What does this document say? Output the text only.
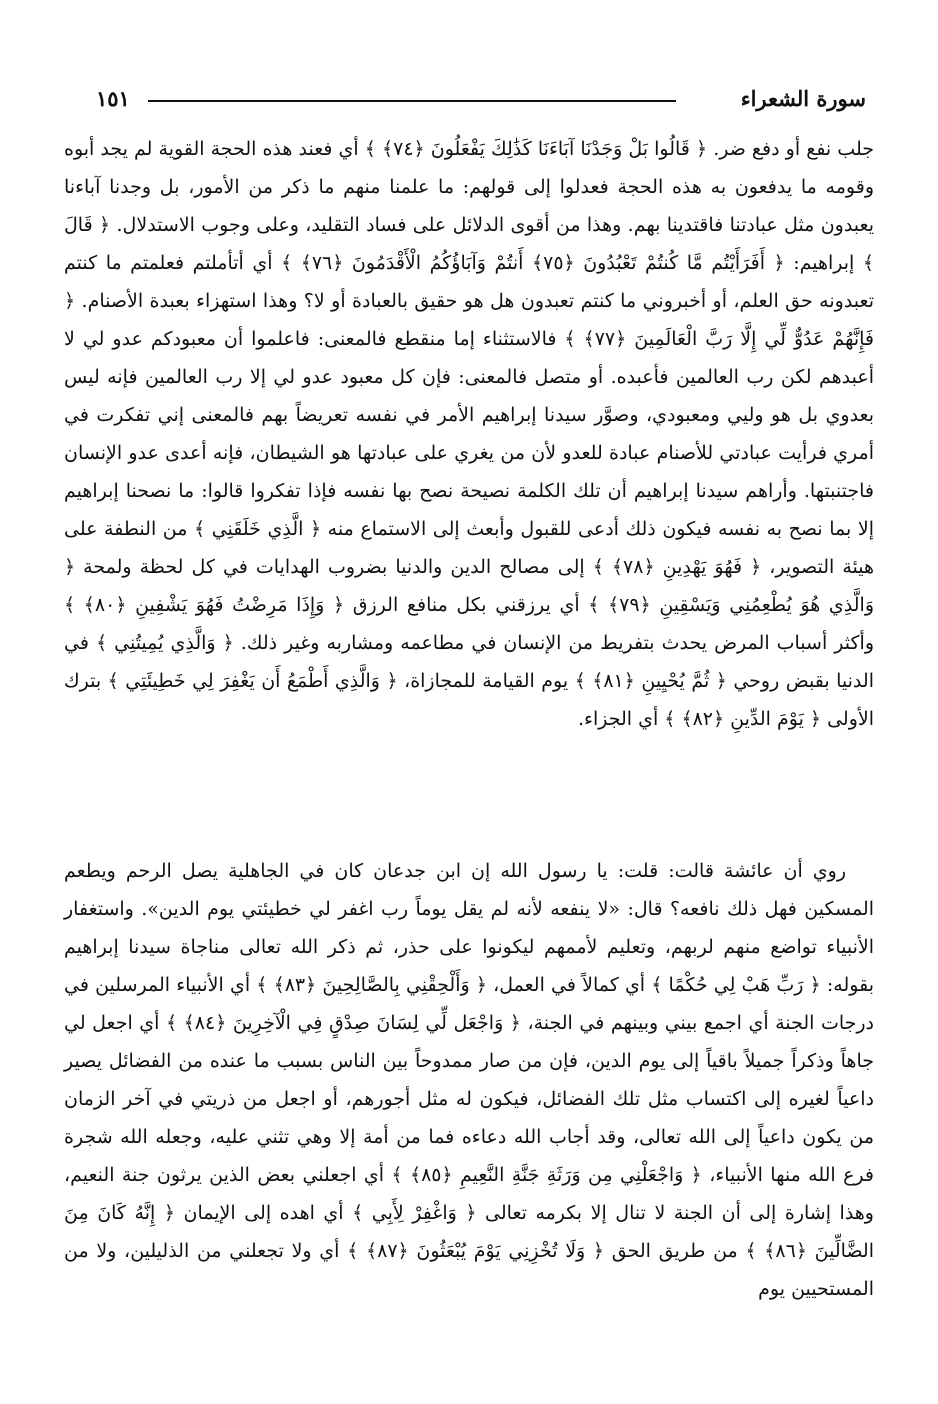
١٥١	سورة الشعراء

جلب نفع أو دفع ضر. ﴿ قَالُوا بَلْ وَجَدْنَا آبَاءَنَا كَذَٰلِكَ يَفْعَلُونَ ﴿٧٤﴾ ﴾ أي فعند هذه الحجة القوية لم يجد أبوه وقومه ما يدفعون به هذه الحجة فعدلوا إلى قولهم: ما علمنا منهم ما ذكر من الأمور، بل وجدنا آباءنا يعبدون مثل عبادتنا فاقتدينا بهم. وهذا من أقوى الدلائل على فساد التقليد، وعلى وجوب الاستدلال. ﴿ قَالَ ﴾ إبراهيم: ﴿ أَفَرَأَيْتُم مَّا كُنتُمْ تَعْبُدُونَ ﴿٧٥﴾ أَنتُمْ وَآبَاؤُكُمُ الْأَقْدَمُونَ ﴿٧٦﴾ ﴾ أي أتأملتم فعلمتم ما كنتم تعبدونه حق العلم، أو أخبروني ما كنتم تعبدون هل هو حقيق بالعبادة أو لا؟ وهذا استهزاء بعبدة الأصنام. ﴿ فَإِنَّهُمْ عَدُوٌّ لِّي إِلَّا رَبَّ الْعَالَمِينَ ﴿٧٧﴾ ﴾ فالاستثناء إما منقطع فالمعنى: فاعلموا أن معبودكم عدو لي لا أعبدهم لكن رب العالمين فأعبده. أو متصل فالمعنى: فإن كل معبود عدو لي إلا رب العالمين فإنه ليس بعدوي بل هو وليي ومعبودي، وصوَّر سيدنا إبراهيم الأمر في نفسه تعريضاً بهم فالمعنى إني تفكرت في أمري فرأيت عبادتي للأصنام عبادة للعدو لأن من يغري على عبادتها هو الشيطان، فإنه أعدى عدو الإنسان فاجتنبتها. وأراهم سيدنا إبراهيم أن تلك الكلمة نصيحة نصح بها نفسه فإذا تفكروا قالوا: ما نصحنا إبراهيم إلا بما نصح به نفسه فيكون ذلك أدعى للقبول وأبعث إلى الاستماع منه ﴿ الَّذِي خَلَقَنِي ﴾ من النطفة على هيئة التصوير، ﴿ فَهُوَ يَهْدِينِ ﴿٧٨﴾ ﴾ إلى مصالح الدين والدنيا بضروب الهدايات في كل لحظة ولمحة ﴿ وَالَّذِي هُوَ يُطْعِمُنِي وَيَسْقِينِ ﴿٧٩﴾ ﴾ أي يرزقني بكل منافع الرزق ﴿ وَإِذَا مَرِضْتُ فَهُوَ يَشْفِينِ ﴿٨٠﴾ ﴾ وأكثر أسباب المرض يحدث بتفريط من الإنسان في مطاعمه ومشاربه وغير ذلك. ﴿ وَالَّذِي يُمِيتُنِي ﴾ في الدنيا بقبض روحي ﴿ ثُمَّ يُحْيِينِ ﴿٨١﴾ ﴾ يوم القيامة للمجازاة، ﴿ وَالَّذِي أَطْمَعُ أَن يَغْفِرَ لِي خَطِيئَتِي ﴾ بترك الأولى ﴿ يَوْمَ الدِّينِ ﴿٨٢﴾ ﴾ أي الجزاء.

روي أن عائشة قالت: قلت: يا رسول الله إن ابن جدعان كان في الجاهلية يصل الرحم ويطعم المسكين فهل ذلك نافعه؟ قال: «لا ينفعه لأنه لم يقل يوماً رب اغفر لي خطيئتي يوم الدين». واستغفار الأنبياء تواضع منهم لربهم، وتعليم لأممهم ليكونوا على حذر، ثم ذكر الله تعالى مناجاة سيدنا إبراهيم بقوله: ﴿ رَبِّ هَبْ لِي حُكْمًا ﴾ أي كمالاً في العمل، ﴿ وَأَلْحِقْنِي بِالصَّالِحِينَ ﴿٨٣﴾ ﴾ أي الأنبياء المرسلين في درجات الجنة أي اجمع بيني وبينهم في الجنة، ﴿ وَاجْعَل لِّي لِسَانَ صِدْقٍ فِي الْآخِرِينَ ﴿٨٤﴾ ﴾ أي اجعل لي جاهاً وذكراً جميلاً باقياً إلى يوم الدين، فإن من صار ممدوحاً بين الناس بسبب ما عنده من الفضائل يصير داعياً لغيره إلى اكتساب مثل تلك الفضائل، فيكون له مثل أجورهم، أو اجعل من ذريتي في آخر الزمان من يكون داعياً إلى الله تعالى، وقد أجاب الله دعاءه فما من أمة إلا وهي تثني عليه، وجعله الله شجرة فرع الله منها الأنبياء، ﴿ وَاجْعَلْنِي مِن وَرَثَةِ جَنَّةِ النَّعِيمِ ﴿٨٥﴾ ﴾ أي اجعلني بعض الذين يرثون جنة النعيم، وهذا إشارة إلى أن الجنة لا تنال إلا بكرمه تعالى ﴿ وَاغْفِرْ لِأَبِي ﴾ أي اهده إلى الإيمان ﴿ إِنَّهُ كَانَ مِنَ الضَّالِّينَ ﴿٨٦﴾ ﴾ من طريق الحق ﴿ وَلَا تُخْزِنِي يَوْمَ يُبْعَثُونَ ﴿٨٧﴾ ﴾ أي ولا تجعلني من الذليلين، ولا من المستحيين يوم
